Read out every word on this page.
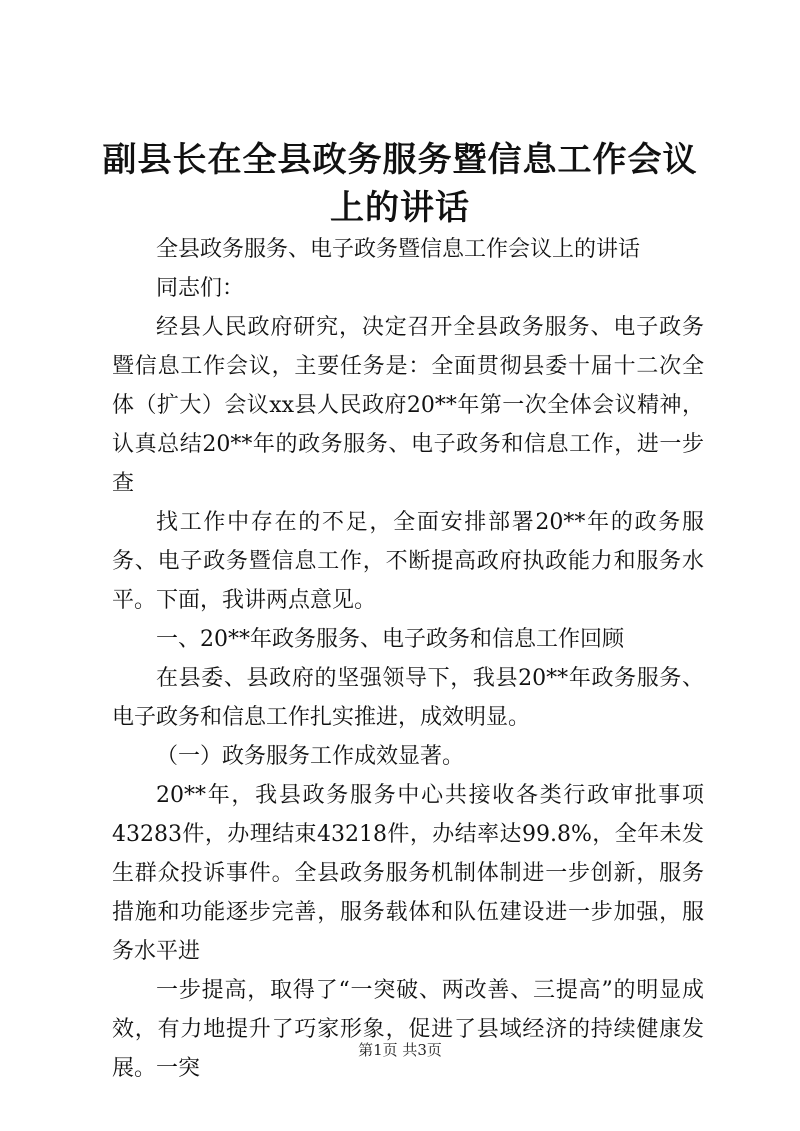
副县长在全县政务服务暨信息工作会议上的讲话

全县政务服务、电子政务暨信息工作会议上的讲话

同志们：

经县人民政府研究，决定召开全县政务服务、电子政务暨信息工作会议，主要任务是：全面贯彻县委十届十二次全体（扩大）会议xx县人民政府20**年第一次全体会议精神，认真总结20**年的政务服务、电子政务和信息工作，进一步查

找工作中存在的不足，全面安排部署20**年的政务服务、电子政务暨信息工作，不断提高政府执政能力和服务水平。下面，我讲两点意见。

一、20**年政务服务、电子政务和信息工作回顾

在县委、县政府的坚强领导下，我县20**年政务服务、电子政务和信息工作扎实推进，成效明显。

（一）政务服务工作成效显著。

20**年，我县政务服务中心共接收各类行政审批事项43283件，办理结束43218件，办结率达99.8%，全年未发生群众投诉事件。全县政务服务机制体制进一步创新，服务措施和功能逐步完善，服务载体和队伍建设进一步加强，服务水平进

一步提高，取得了“一突破、两改善、三提高”的明显成效，有力地提升了巧家形象，促进了县域经济的持续健康发展。一突

第1页 共3页
